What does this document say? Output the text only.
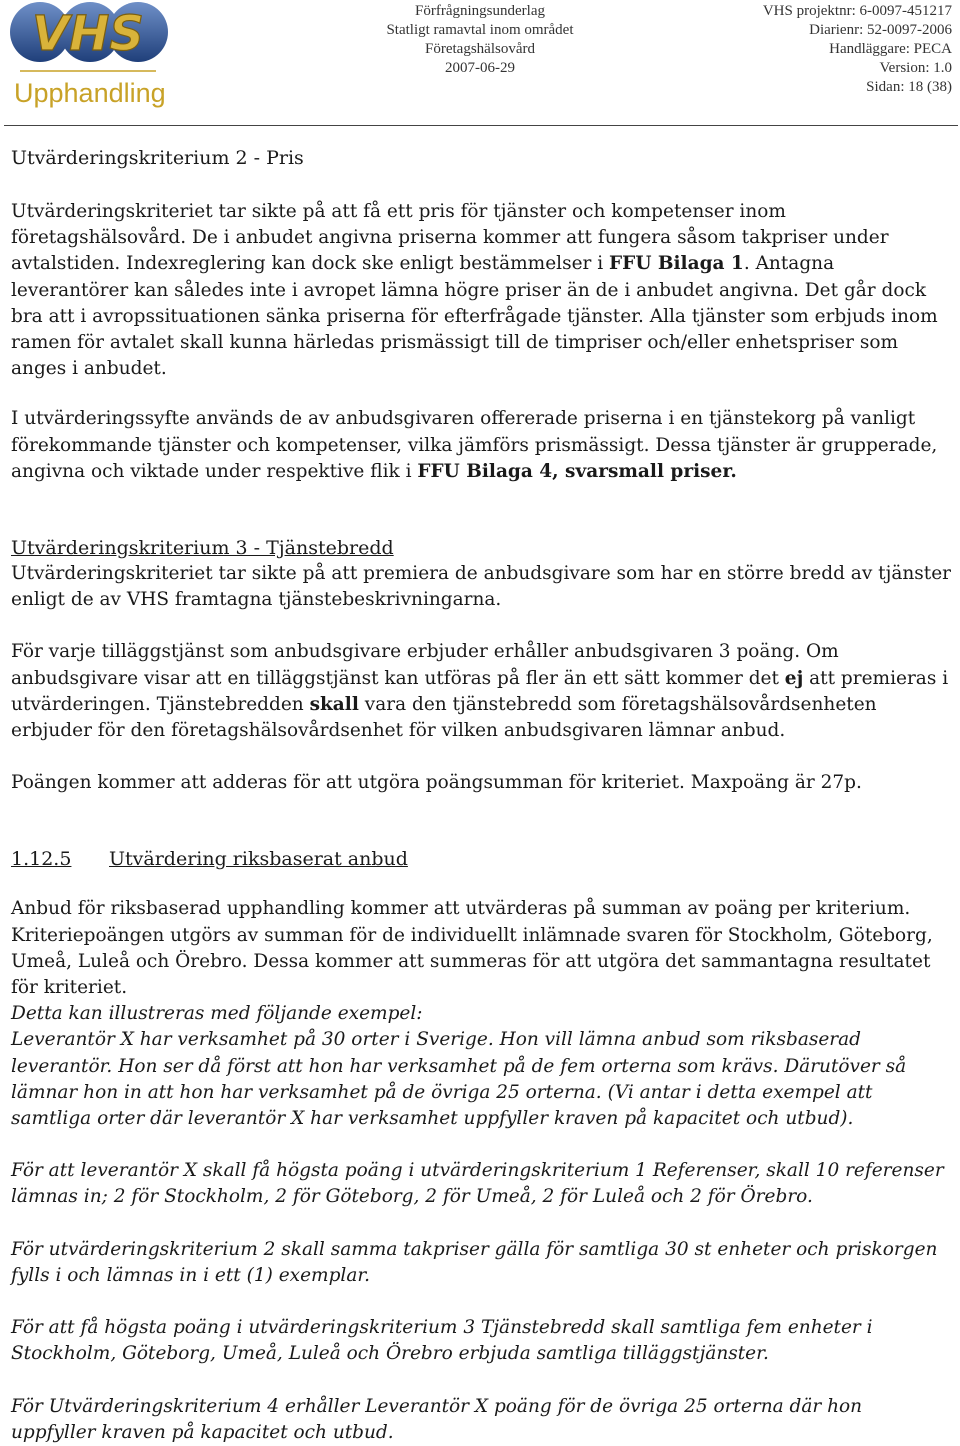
VHS
Upphandling
Förfrågningsunderlag
Statligt ramavtal inom området
Företagshälsovård
2007-06-29
VHS projektnr: 6-0097-451217
Diarienr: 52-0097-2006
Handläggare: PECA
Version: 1.0
Sidan: 18 (38)

Utvärderingskriterium 2 - Pris

Utvärderingskriteriet tar sikte på att få ett pris för tjänster och kompetenser inom företagshälsovård. De i anbudet angivna priserna kommer att fungera såsom takpriser under avtalstiden. Indexreglering kan dock ske enligt bestämmelser i FFU Bilaga 1. Antagna leverantörer kan således inte i avropet lämna högre priser än de i anbudet angivna. Det går dock bra att i avropssituationen sänka priserna för efterfrågade tjänster. Alla tjänster som erbjuds inom ramen för avtalet skall kunna härledas prismässigt till de timpriser och/eller enhetspriser som anges i anbudet.

I utvärderingssyfte används de av anbudsgivaren offererade priserna i en tjänstekorg på vanligt förekommande tjänster och kompetenser, vilka jämförs prismässigt. Dessa tjänster är grupperade, angivna och viktade under respektive flik i FFU Bilaga 4, svarsmall priser.

Utvärderingskriterium 3 - Tjänstebredd

Utvärderingskriteriet tar sikte på att premiera de anbudsgivare som har en större bredd av tjänster enligt de av VHS framtagna tjänstebeskrivningarna.

För varje tilläggstjänst som anbudsgivare erbjuder erhåller anbudsgivaren 3 poäng. Om anbudsgivare visar att en tilläggstjänst kan utföras på fler än ett sätt kommer det ej att premieras i utvärderingen. Tjänstebredden skall vara den tjänstebredd som företagshälsovårdsenheten erbjuder för den företagshälsovårdsenhet för vilken anbudsgivaren lämnar anbud.

Poängen kommer att adderas för att utgöra poängsumman för kriteriet. Maxpoäng är 27p.

1.12.5 Utvärdering riksbaserat anbud

Anbud för riksbaserad upphandling kommer att utvärderas på summan av poäng per kriterium. Kriteriepoängen utgörs av summan för de individuellt inlämnade svaren för Stockholm, Göteborg, Umeå, Luleå och Örebro. Dessa kommer att summeras för att utgöra det sammantagna resultatet för kriteriet.

Detta kan illustreras med följande exempel:

Leverantör X har verksamhet på 30 orter i Sverige. Hon vill lämna anbud som riksbaserad leverantör. Hon ser då först att hon har verksamhet på de fem orterna som krävs. Därutöver så lämnar hon in att hon har verksamhet på de övriga 25 orterna. (Vi antar i detta exempel att samtliga orter där leverantör X har verksamhet uppfyller kraven på kapacitet och utbud).

För att leverantör X skall få högsta poäng i utvärderingskriterium 1 Referenser, skall 10 referenser lämnas in; 2 för Stockholm, 2 för Göteborg, 2 för Umeå, 2 för Luleå och 2 för Örebro.

För utvärderingskriterium 2 skall samma takpriser gälla för samtliga 30 st enheter och priskorgen fylls i och lämnas in i ett (1) exemplar.

För att få högsta poäng i utvärderingskriterium 3 Tjänstebredd skall samtliga fem enheter i Stockholm, Göteborg, Umeå, Luleå och Örebro erbjuda samtliga tilläggstjänster.

För Utvärderingskriterium 4 erhåller Leverantör X poäng för de övriga 25 orterna där hon uppfyller kraven på kapacitet och utbud.
